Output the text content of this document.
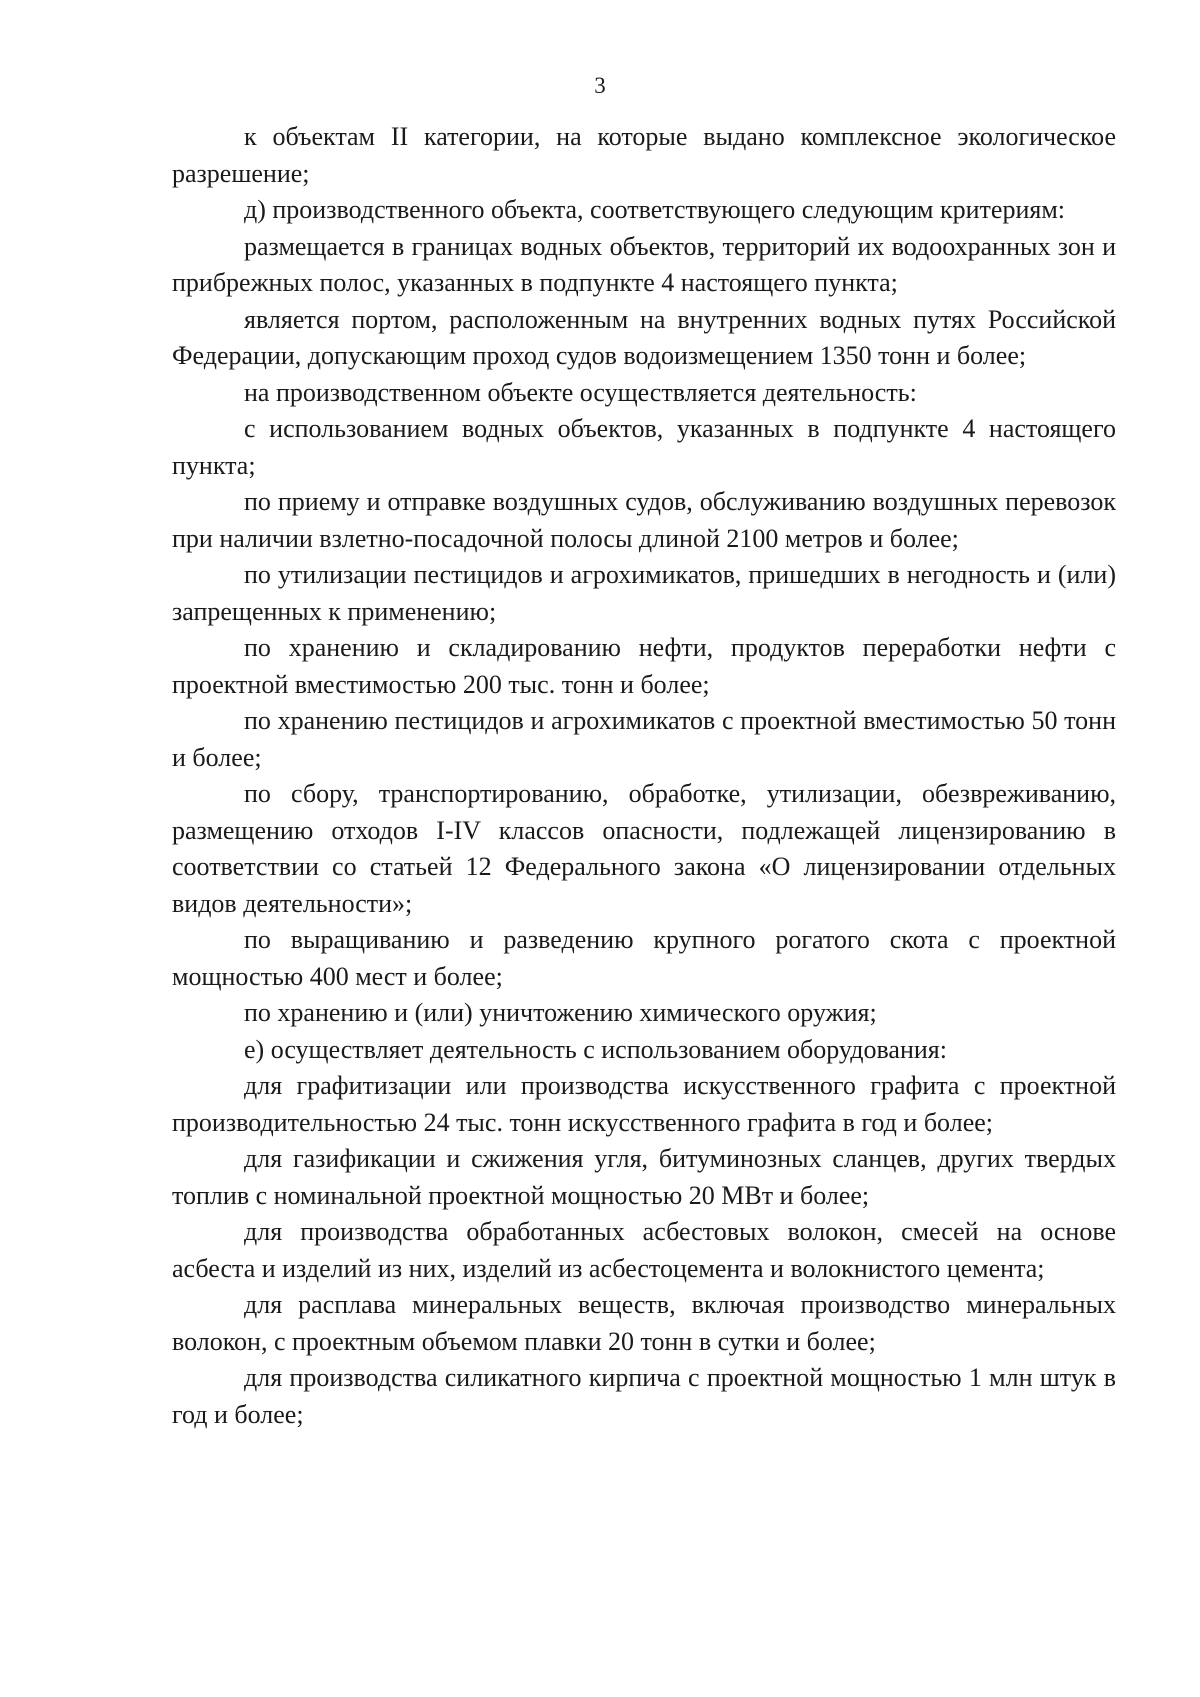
3

к объектам II категории, на которые выдано комплексное экологическое разрешение;

д) производственного объекта, соответствующего следующим критериям:

размещается в границах водных объектов, территорий их водоохранных зон и прибрежных полос, указанных в подпункте 4 настоящего пункта;

является портом, расположенным на внутренних водных путях Российской Федерации, допускающим проход судов водоизмещением 1350 тонн и более;

на производственном объекте осуществляется деятельность:

с использованием водных объектов, указанных в подпункте 4 настоящего пункта;

по приему и отправке воздушных судов, обслуживанию воздушных перевозок при наличии взлетно-посадочной полосы длиной 2100 метров и более;

по утилизации пестицидов и агрохимикатов, пришедших в негодность и (или) запрещенных к применению;

по хранению и складированию нефти, продуктов переработки нефти с проектной вместимостью 200 тыс. тонн и более;

по хранению пестицидов и агрохимикатов с проектной вместимостью 50 тонн и более;

по сбору, транспортированию, обработке, утилизации, обезвреживанию, размещению отходов I-IV классов опасности, подлежащей лицензированию в соответствии со статьей 12 Федерального закона «О лицензировании отдельных видов деятельности»;

по выращиванию и разведению крупного рогатого скота с проектной мощностью 400 мест и более;

по хранению и (или) уничтожению химического оружия;

е) осуществляет деятельность с использованием оборудования:

для графитизации или производства искусственного графита с проектной производительностью 24 тыс. тонн искусственного графита в год и более;

для газификации и сжижения угля, битуминозных сланцев, других твердых топлив с номинальной проектной мощностью 20 МВт и более;

для производства обработанных асбестовых волокон, смесей на основе асбеста и изделий из них, изделий из асбестоцемента и волокнистого цемента;

для расплава минеральных веществ, включая производство минеральных волокон, с проектным объемом плавки 20 тонн в сутки и более;

для производства силикатного кирпича с проектной мощностью 1 млн штук в год и более;
